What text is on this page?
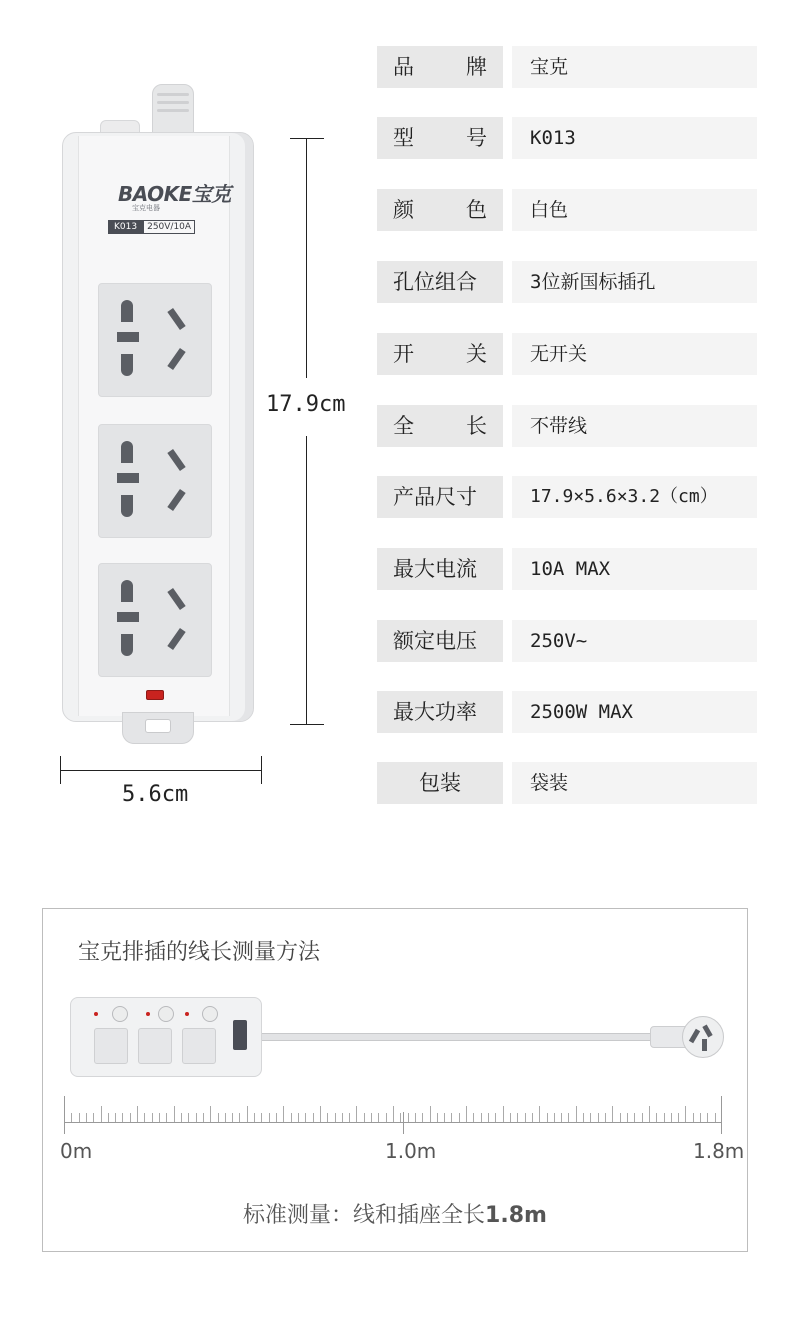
BAOKE宝克
宝克电器
K013	250V/10A
17.9cm
5.6cm
品 牌	宝克
型 号	K013
颜 色	白色
孔位组合	3位新国标插孔
开 关	无开关
全 长	不带线
产品尺寸	17.9×5.6×3.2（cm）
最大电流	10A MAX
额定电压	250V~
最大功率	2500W MAX
包装	袋装
宝克排插的线长测量方法
0m	1.0m	1.8m
标准测量：线和插座全长1.8m
